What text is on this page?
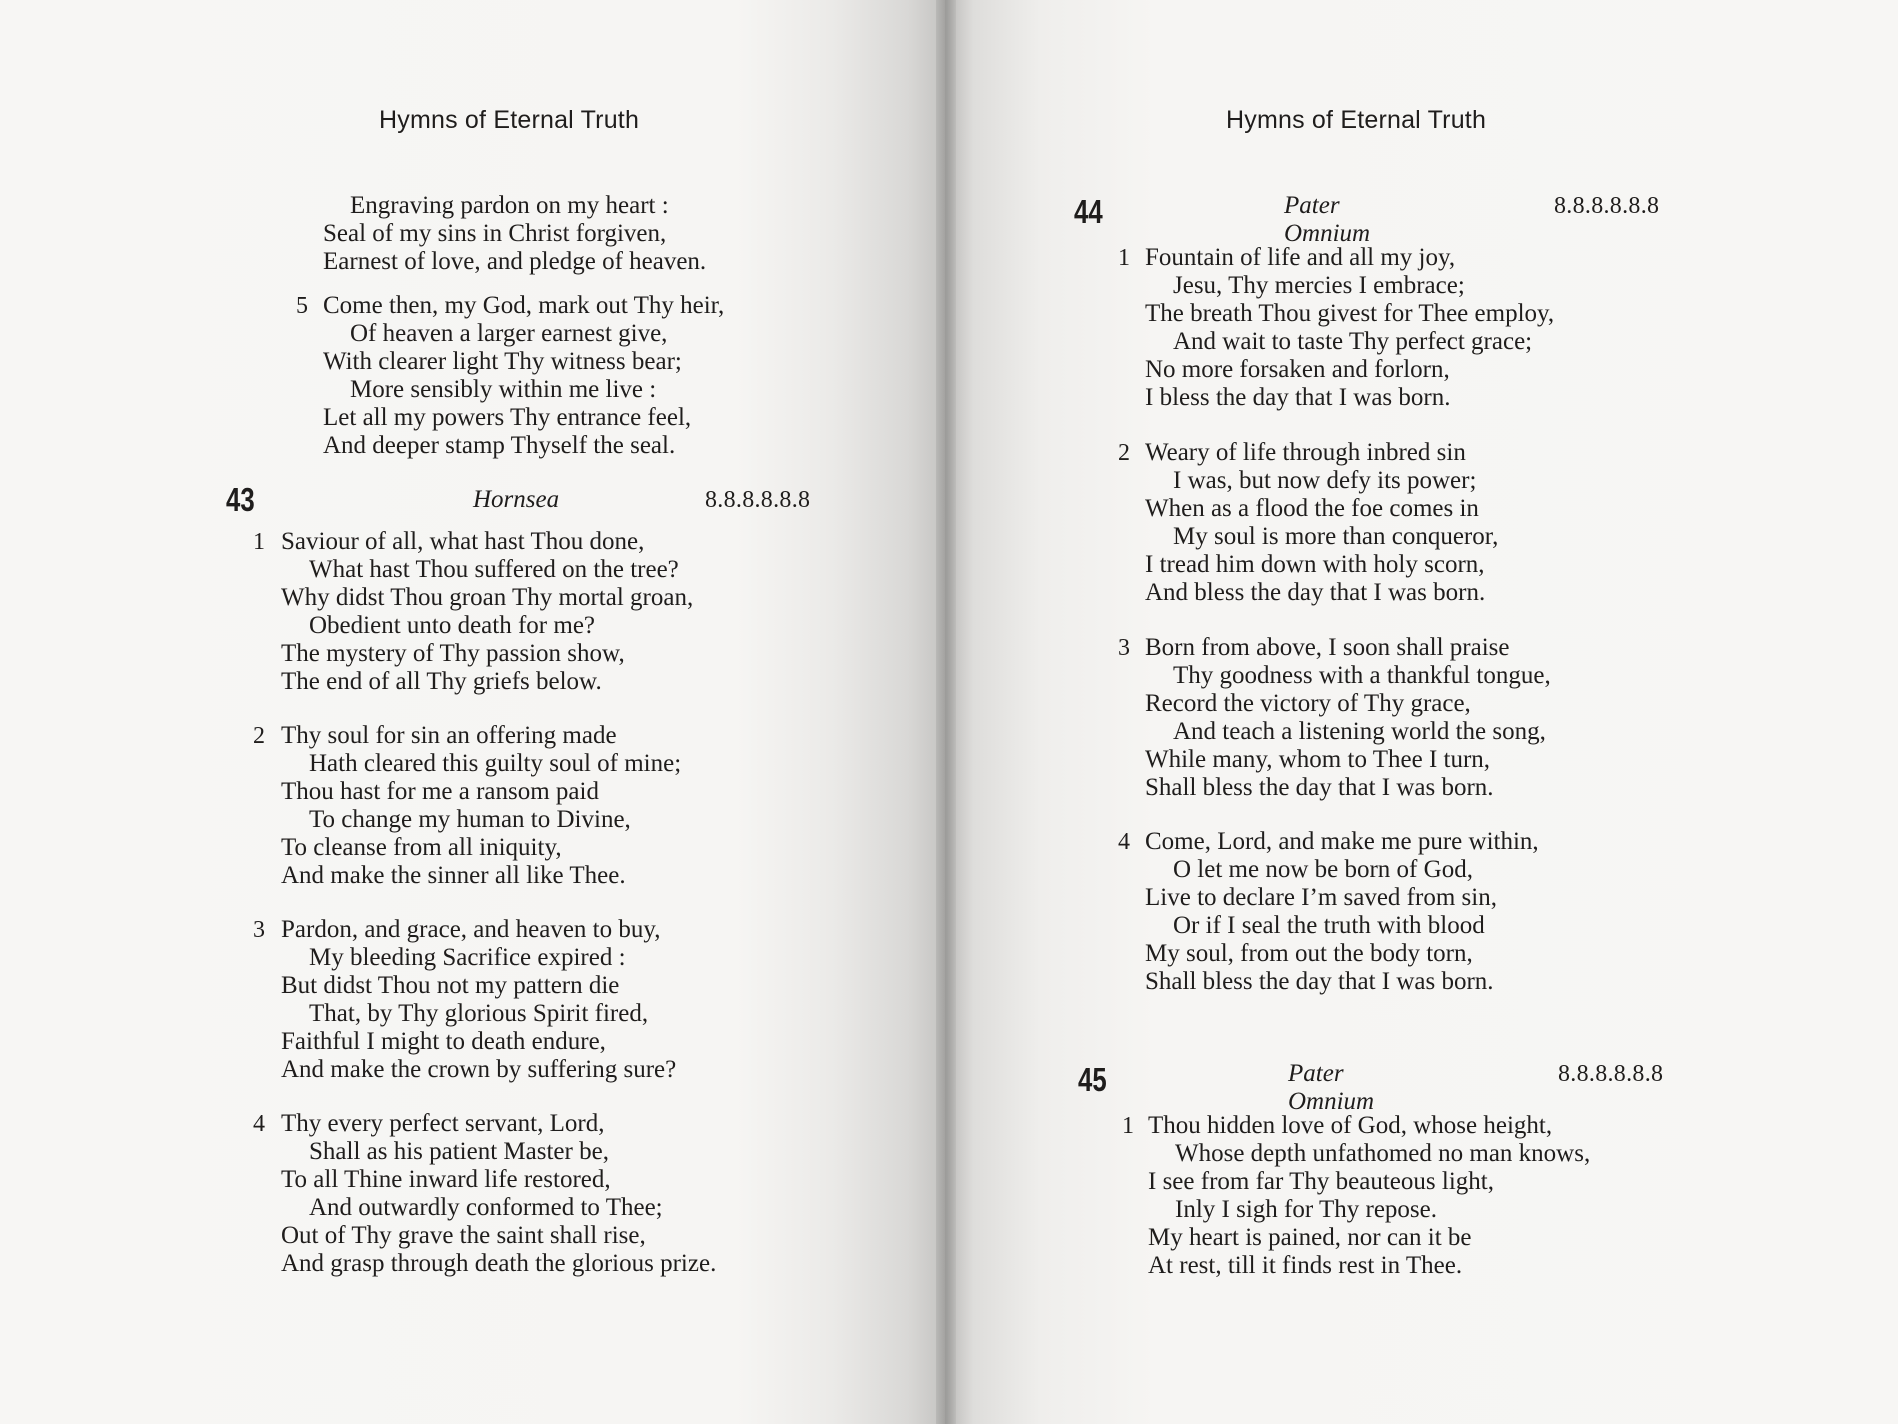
Hymns of Eternal Truth	Hymns of Eternal Truth
Engraving pardon on my heart :
Seal of my sins in Christ forgiven,
Earnest of love, and pledge of heaven.
5 Come then, my God, mark out Thy heir,
Of heaven a larger earnest give,
With clearer light Thy witness bear;
More sensibly within me live :
Let all my powers Thy entrance feel,
And deeper stamp Thyself the seal.
43	Hornsea	8.8.8.8.8.8
1 Saviour of all, what hast Thou done,
What hast Thou suffered on the tree?
Why didst Thou groan Thy mortal groan,
Obedient unto death for me?
The mystery of Thy passion show,
The end of all Thy griefs below.
2 Thy soul for sin an offering made
Hath cleared this guilty soul of mine;
Thou hast for me a ransom paid
To change my human to Divine,
To cleanse from all iniquity,
And make the sinner all like Thee.
3 Pardon, and grace, and heaven to buy,
My bleeding Sacrifice expired :
But didst Thou not my pattern die
That, by Thy glorious Spirit fired,
Faithful I might to death endure,
And make the crown by suffering sure?
4 Thy every perfect servant, Lord,
Shall as his patient Master be,
To all Thine inward life restored,
And outwardly conformed to Thee;
Out of Thy grave the saint shall rise,
And grasp through death the glorious prize.
44	Pater Omnium
8.8.8.8.8.8
1 Fountain of life and all my joy,
Jesu, Thy mercies I embrace;
The breath Thou givest for Thee employ,
And wait to taste Thy perfect grace;
No more forsaken and forlorn,
I bless the day that I was born.
2 Weary of life through inbred sin
I was, but now defy its power;
When as a flood the foe comes in
My soul is more than conqueror,
I tread him down with holy scorn,
And bless the day that I was born.
3 Born from above, I soon shall praise
Thy goodness with a thankful tongue,
Record the victory of Thy grace,
And teach a listening world the song,
While many, whom to Thee I turn,
Shall bless the day that I was born.
4 Come, Lord, and make me pure within,
O let me now be born of God,
Live to declare I’m saved from sin,
Or if I seal the truth with blood
My soul, from out the body torn,
Shall bless the day that I was born.
45	Pater Omnium
8.8.8.8.8.8
1 Thou hidden love of God, whose height,
Whose depth unfathomed no man knows,
I see from far Thy beauteous light,
Inly I sigh for Thy repose.
My heart is pained, nor can it be
At rest, till it finds rest in Thee.
